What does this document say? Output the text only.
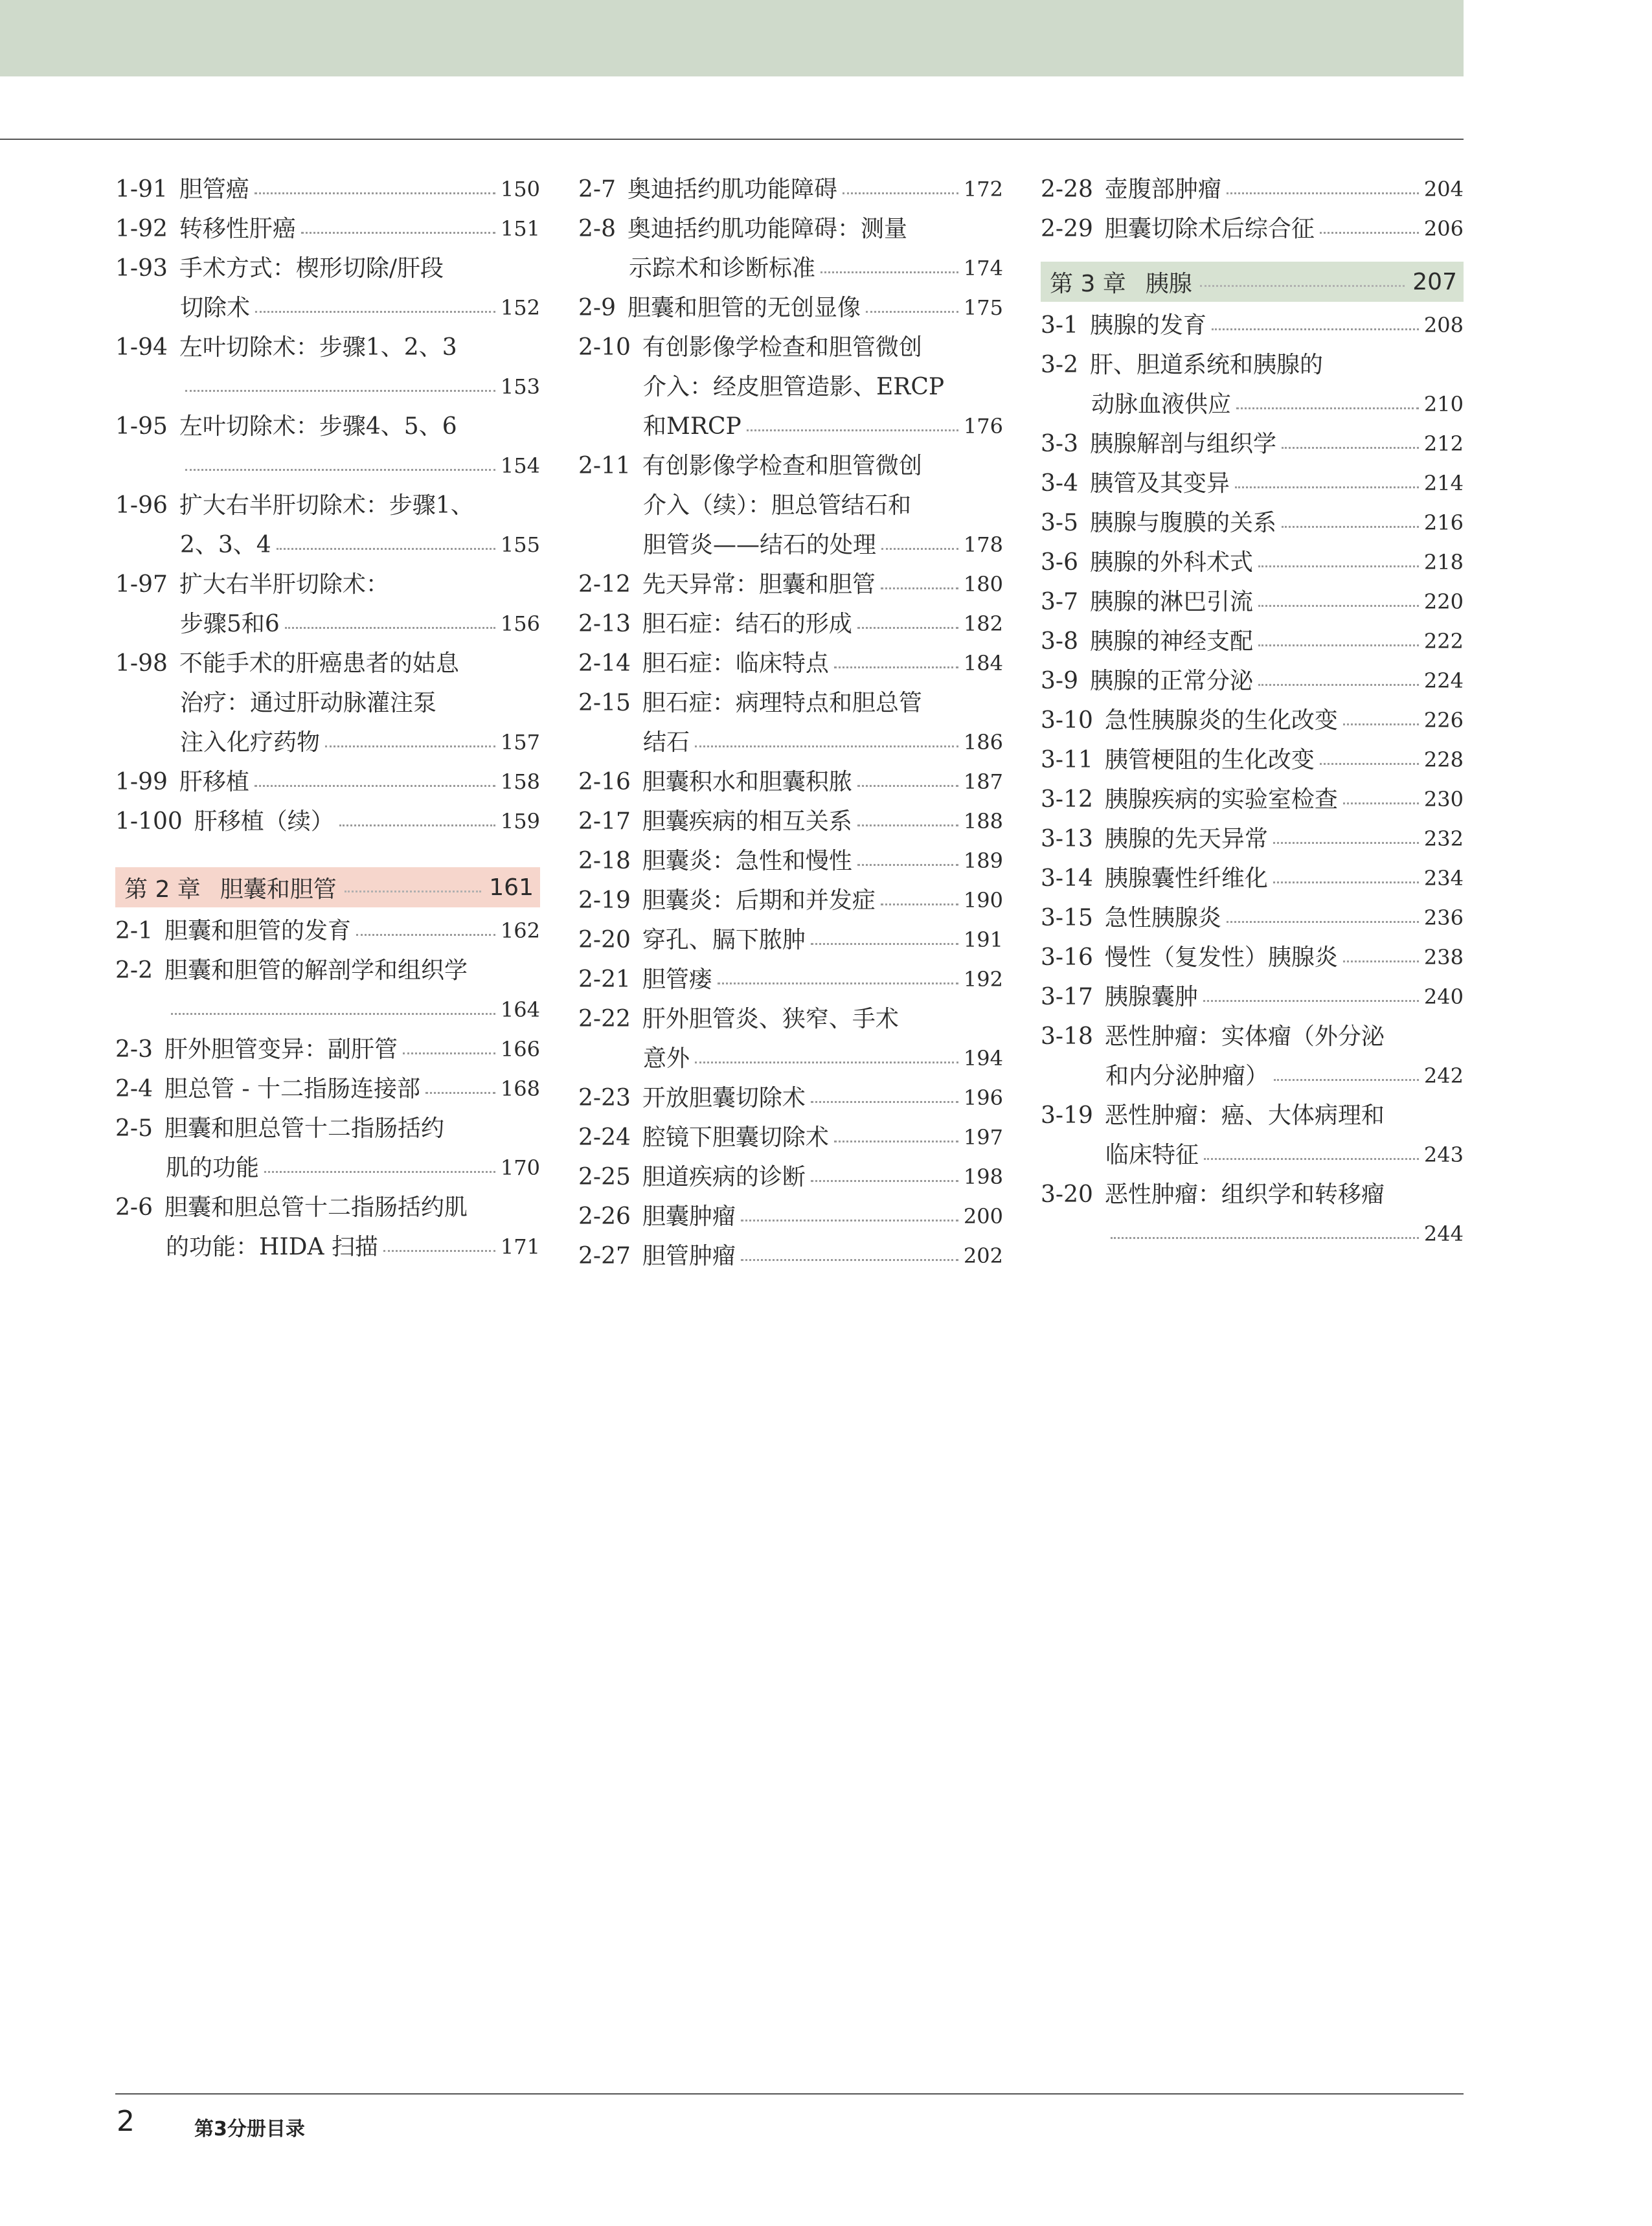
1-91 胆管癌	150
1-92 转移性肝癌	151
1-93 手术方式：楔形切除/肝段
切除术	152
1-94 左叶切除术：步骤1、2、3
153
1-95 左叶切除术：步骤4、5、6
154
1-96 扩大右半肝切除术：步骤1、
2、3、4	155
1-97 扩大右半肝切除术：
步骤5和6	156
1-98 不能手术的肝癌患者的姑息
治疗：通过肝动脉灌注泵
注入化疗药物	157
1-99 肝移植	158
1-100 肝移植（续）	159
第 2 章 胆囊和胆管	161
2-1 胆囊和胆管的发育	162
2-2 胆囊和胆管的解剖学和组织学
164
2-3 肝外胆管变异：副肝管	166
2-4 胆总管 - 十二指肠连接部	168
2-5 胆囊和胆总管十二指肠括约
肌的功能	170
2-6 胆囊和胆总管十二指肠括约肌
的功能：HIDA 扫描	171
2-7 奥迪括约肌功能障碍	172
2-8 奥迪括约肌功能障碍：测量
示踪术和诊断标准	174
2-9 胆囊和胆管的无创显像	175
2-10 有创影像学检查和胆管微创
介入：经皮胆管造影、ERCP
和MRCP	176
2-11 有创影像学检查和胆管微创
介入（续）：胆总管结石和
胆管炎——结石的处理	178
2-12 先天异常：胆囊和胆管	180
2-13 胆石症：结石的形成	182
2-14 胆石症：临床特点	184
2-15 胆石症：病理特点和胆总管
结石	186
2-16 胆囊积水和胆囊积脓	187
2-17 胆囊疾病的相互关系	188
2-18 胆囊炎：急性和慢性	189
2-19 胆囊炎：后期和并发症	190
2-20 穿孔、膈下脓肿	191
2-21 胆管瘘	192
2-22 肝外胆管炎、狭窄、手术
意外	194
2-23 开放胆囊切除术	196
2-24 腔镜下胆囊切除术	197
2-25 胆道疾病的诊断	198
2-26 胆囊肿瘤	200
2-27 胆管肿瘤	202
2-28 壶腹部肿瘤	204
2-29 胆囊切除术后综合征	206
第 3 章 胰腺	207
3-1 胰腺的发育	208
3-2 肝、胆道系统和胰腺的
动脉血液供应	210
3-3 胰腺解剖与组织学	212
3-4 胰管及其变异	214
3-5 胰腺与腹膜的关系	216
3-6 胰腺的外科术式	218
3-7 胰腺的淋巴引流	220
3-8 胰腺的神经支配	222
3-9 胰腺的正常分泌	224
3-10 急性胰腺炎的生化改变	226
3-11 胰管梗阻的生化改变	228
3-12 胰腺疾病的实验室检查	230
3-13 胰腺的先天异常	232
3-14 胰腺囊性纤维化	234
3-15 急性胰腺炎	236
3-16 慢性（复发性）胰腺炎	238
3-17 胰腺囊肿	240
3-18 恶性肿瘤：实体瘤（外分泌
和内分泌肿瘤）	242
3-19 恶性肿瘤：癌、大体病理和
临床特征	243
3-20 恶性肿瘤：组织学和转移瘤
244
2	第3分册目录
